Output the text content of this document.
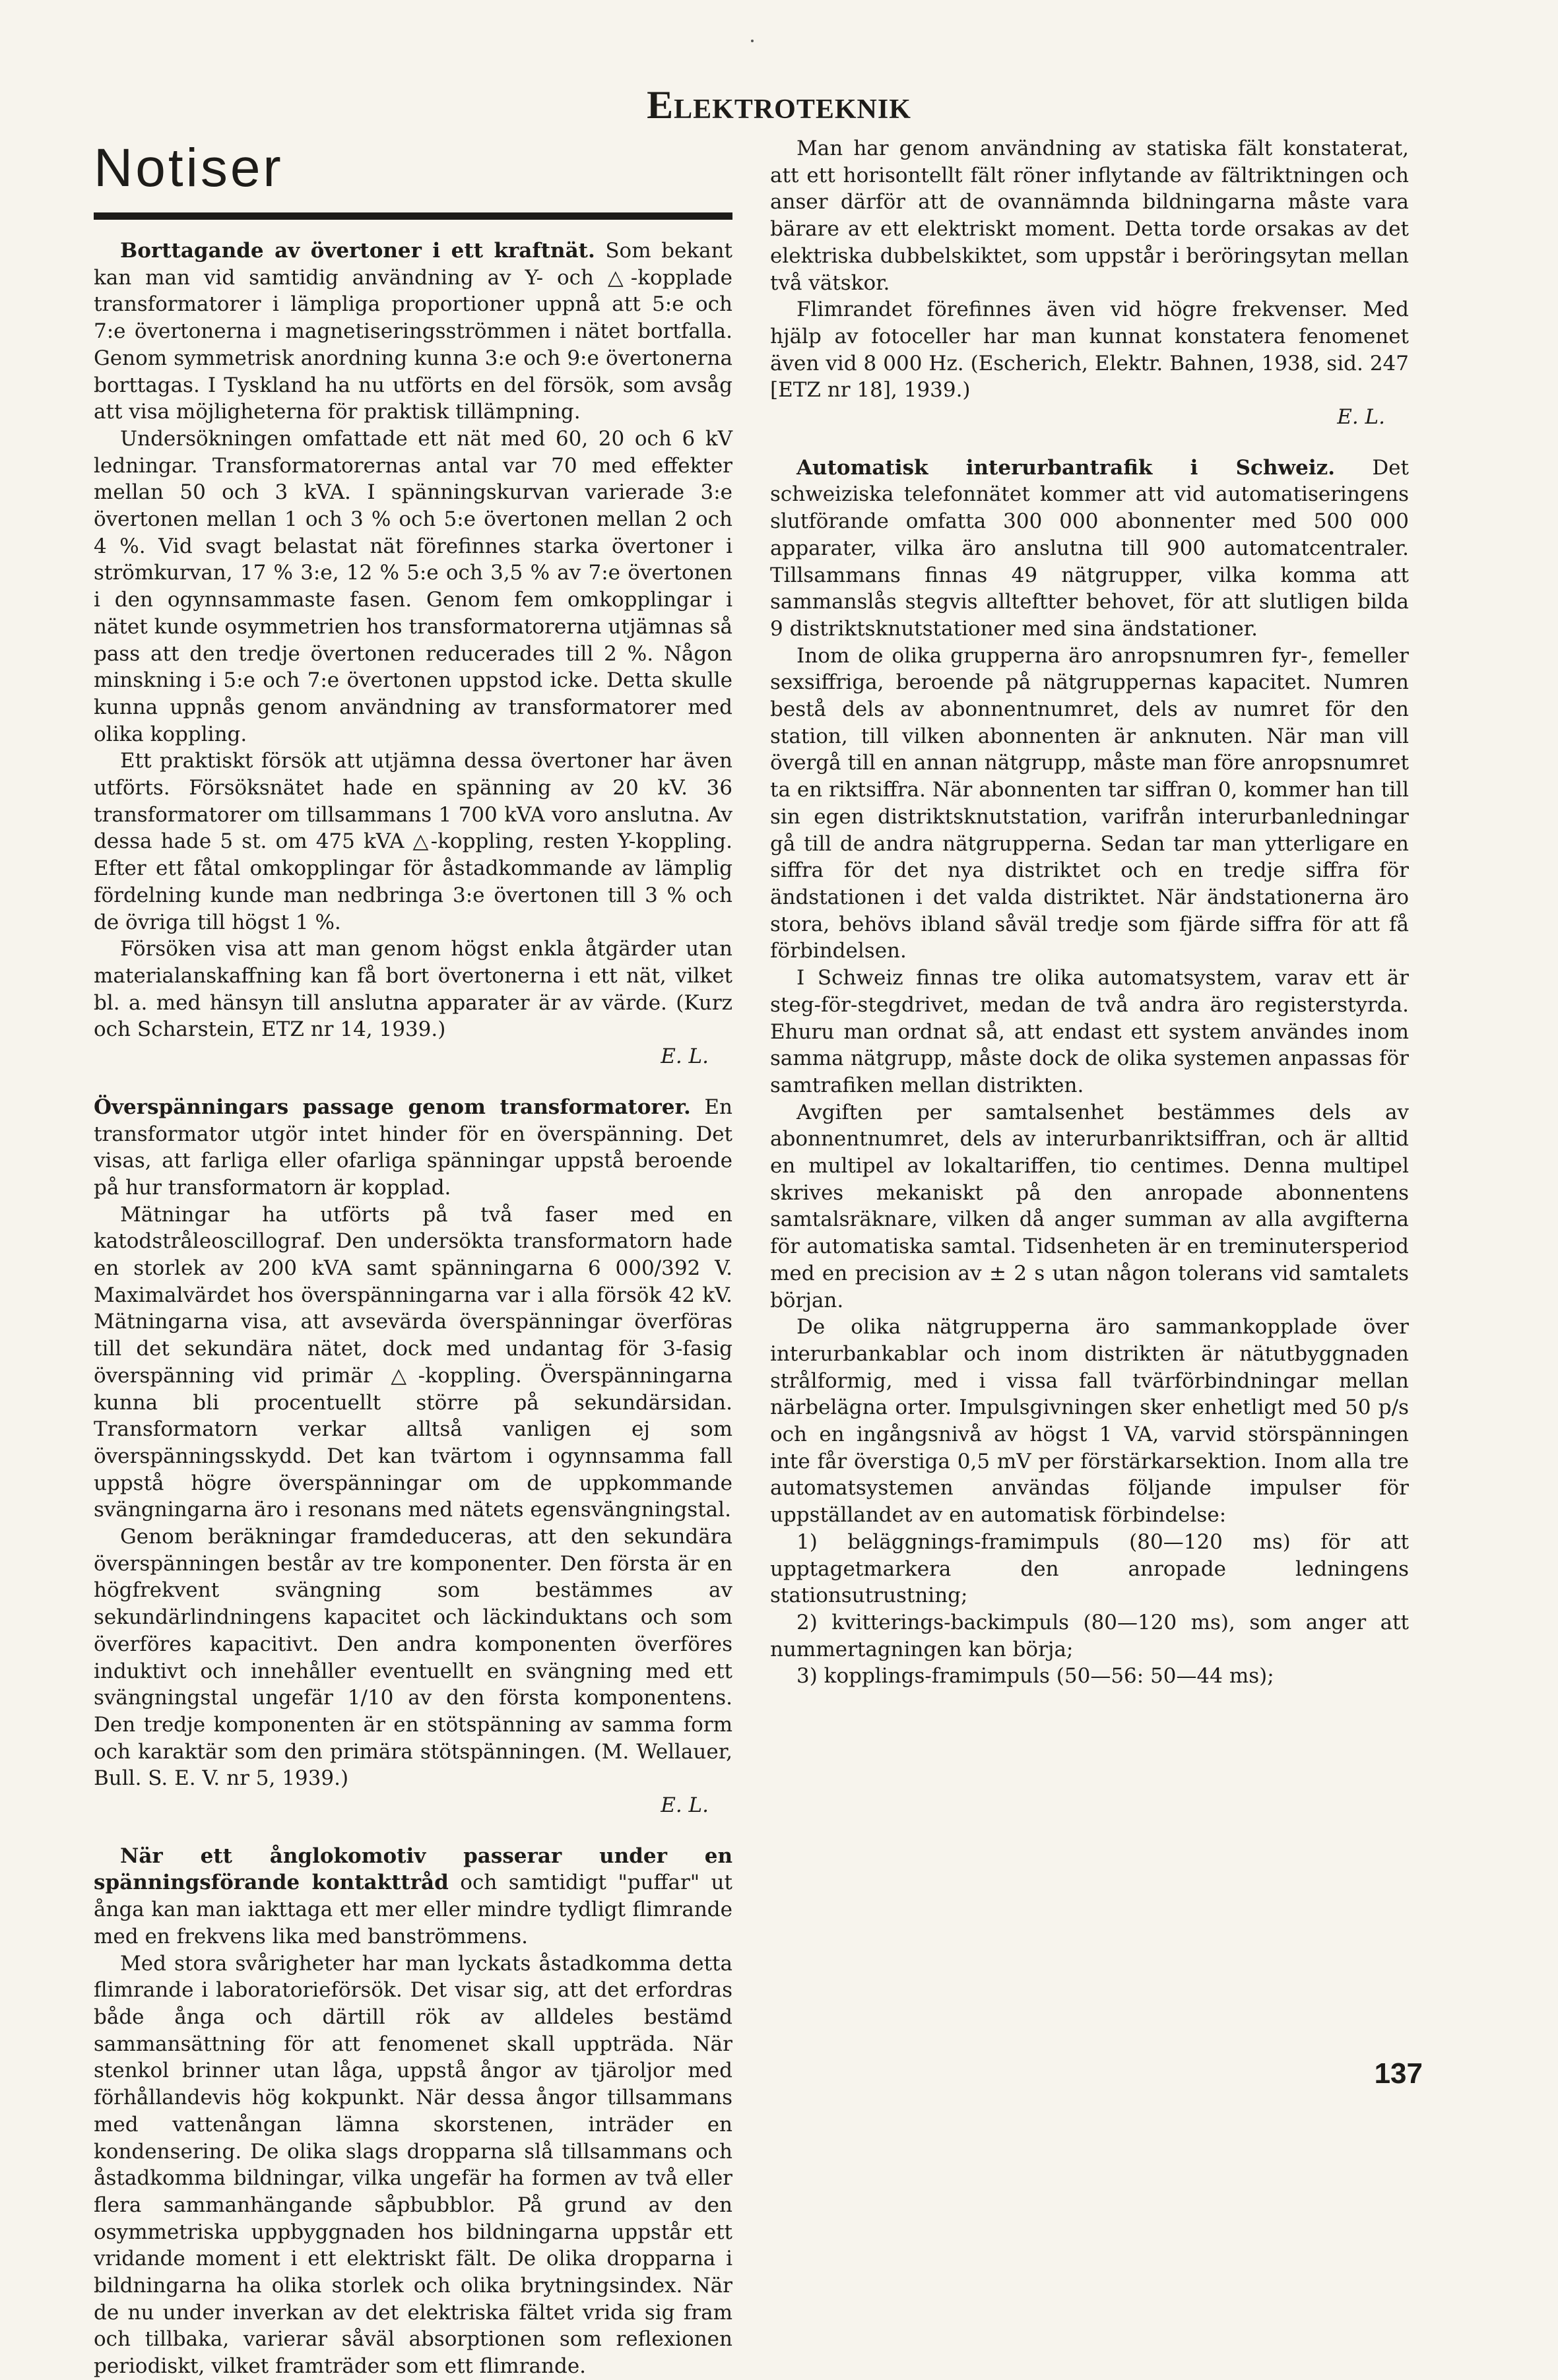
Elektroteknik
Notiser

Borttagande av övertoner i ett kraftnät. Som bekant kan man vid samtidig användning av Y- och △-kopplade transformatorer i lämpliga proportioner uppnå att 5:e och 7:e övertonerna i magnetiseringsströmmen i nätet bortfalla. Genom symmetrisk anordning kunna 3:e och 9:e övertonerna borttagas. I Tyskland ha nu utförts en del försök, som avsåg att visa möjligheterna för praktisk tillämpning.

Undersökningen omfattade ett nät med 60, 20 och 6 kV ledningar. Transformatorernas antal var 70 med effekter mellan 50 och 3 kVA. I spänningskurvan varierade 3:e övertonen mellan 1 och 3 % och 5:e övertonen mellan 2 och 4 %. Vid svagt belastat nät förefinnes starka övertoner i strömkurvan, 17 % 3:e, 12 % 5:e och 3,5 % av 7:e övertonen i den ogynnsammaste fasen. Genom fem omkopplingar i nätet kunde osymmetrien hos transformatorerna utjämnas så pass att den tredje övertonen reducerades till 2 %. Någon minskning i 5:e och 7:e övertonen uppstod icke. Detta skulle kunna uppnås genom användning av transformatorer med olika koppling.

Ett praktiskt försök att utjämna dessa övertoner har även utförts. Försöksnätet hade en spänning av 20 kV. 36 transformatorer om tillsammans 1 700 kVA voro anslutna. Av dessa hade 5 st. om 475 kVA △-koppling, resten Y-koppling. Efter ett fåtal omkopplingar för åstadkommande av lämplig fördelning kunde man nedbringa 3:e övertonen till 3 % och de övriga till högst 1 %.

Försöken visa att man genom högst enkla åtgärder utan materialanskaffning kan få bort övertonerna i ett nät, vilket bl. a. med hänsyn till anslutna apparater är av värde. (Kurz och Scharstein, ETZ nr 14, 1939.)

E. L.

Överspänningars passage genom transformatorer. En transformator utgör intet hinder för en överspänning. Det visas, att farliga eller ofarliga spänningar uppstå beroende på hur transformatorn är kopplad.

Mätningar ha utförts på två faser med en katodstråleoscillograf. Den undersökta transformatorn hade en storlek av 200 kVA samt spänningarna 6 000/392 V. Maximalvärdet hos överspänningarna var i alla försök 42 kV. Mätningarna visa, att avsevärda överspänningar överföras till det sekundära nätet, dock med undantag för 3-fasig överspänning vid primär △-koppling. Överspänningarna kunna bli procentuellt större på sekundärsidan. Transformatorn verkar alltså vanligen ej som överspänningsskydd. Det kan tvärtom i ogynnsamma fall uppstå högre överspänningar om de uppkommande svängningarna äro i resonans med nätets egensvängningstal.

Genom beräkningar framdeduceras, att den sekundära överspänningen består av tre komponenter. Den första är en högfrekvent svängning som bestämmes av sekundärlindningens kapacitet och läckinduktans och som överföres kapacitivt. Den andra komponenten överföres induktivt och innehåller eventuellt en svängning med ett svängningstal ungefär 1/10 av den första komponentens. Den tredje komponenten är en stötspänning av samma form och karaktär som den primära stötspänningen. (M. Wellauer, Bull. S. E. V. nr 5, 1939.)

E. L.

När ett ånglokomotiv passerar under en spänningsförande kontakttråd och samtidigt "puffar" ut ånga kan man iakttaga ett mer eller mindre tydligt flimrande med en frekvens lika med banströmmens.

Med stora svårigheter har man lyckats åstadkomma detta flimrande i laboratorieförsök. Det visar sig, att det erfordras både ånga och därtill rök av alldeles bestämd sammansättning för att fenomenet skall uppträda. När stenkol brinner utan låga, uppstå ångor av tjäroljor med förhållandevis hög kokpunkt. När dessa ångor tillsammans med vattenångan lämna skorstenen, inträder en kondensering. De olika slags dropparna slå tillsammans och åstadkomma bildningar, vilka ungefär ha formen av två eller flera sammanhängande såpbubblor. På grund av den osymmetriska uppbyggnaden hos bildningarna uppstår ett vridande moment i ett elektriskt fält. De olika dropparna i bildningarna ha olika storlek och olika brytningsindex. När de nu under inverkan av det elektriska fältet vrida sig fram och tillbaka, varierar såväl absorptionen som reflexionen periodiskt, vilket framträder som ett flimrande.

Man har genom användning av statiska fält konstaterat, att ett horisontellt fält röner inflytande av fältriktningen och anser därför att de ovannämnda bildningarna måste vara bärare av ett elektriskt moment. Detta torde orsakas av det elektriska dubbelskiktet, som uppstår i beröringsytan mellan två vätskor.

Flimrandet förefinnes även vid högre frekvenser. Med hjälp av fotoceller har man kunnat konstatera fenomenet även vid 8 000 Hz. (Escherich, Elektr. Bahnen, 1938, sid. 247 [ETZ nr 18], 1939.)

E. L.

Automatisk interurbantrafik i Schweiz. Det schweiziska telefonnätet kommer att vid automatiseringens slutförande omfatta 300 000 abonnenter med 500 000 apparater, vilka äro anslutna till 900 automatcentraler. Tillsammans finnas 49 nätgrupper, vilka komma att sammanslås stegvis allteftter behovet, för att slutligen bilda 9 distriktsknutstationer med sina ändstationer.

Inom de olika grupperna äro anropsnumren fyr-, femeller sexsiffriga, beroende på nätgruppernas kapacitet. Numren bestå dels av abonnentnumret, dels av numret för den station, till vilken abonnenten är anknuten. När man vill övergå till en annan nätgrupp, måste man före anropsnumret ta en riktsiffra. När abonnenten tar siffran 0, kommer han till sin egen distriktsknutstation, varifrån interurbanledningar gå till de andra nätgrupperna. Sedan tar man ytterligare en siffra för det nya distriktet och en tredje siffra för ändstationen i det valda distriktet. När ändstationerna äro stora, behövs ibland såväl tredje som fjärde siffra för att få förbindelsen.

I Schweiz finnas tre olika automatsystem, varav ett är steg-för-stegdrivet, medan de två andra äro registerstyrda. Ehuru man ordnat så, att endast ett system användes inom samma nätgrupp, måste dock de olika systemen anpassas för samtrafiken mellan distrikten.

Avgiften per samtalsenhet bestämmes dels av abonnentnumret, dels av interurbanriktsiffran, och är alltid en multipel av lokaltariffen, tio centimes. Denna multipel skrives mekaniskt på den anropade abonnentens samtalsräknare, vilken då anger summan av alla avgifterna för automatiska samtal. Tidsenheten är en treminutersperiod med en precision av ± 2 s utan någon tolerans vid samtalets början.

De olika nätgrupperna äro sammankopplade över interurbankablar och inom distrikten är nätutbyggnaden strålformig, med i vissa fall tvärförbindningar mellan närbelägna orter. Impulsgivningen sker enhetligt med 50 p/s och en ingångsnivå av högst 1 VA, varvid störspänningen inte får överstiga 0,5 mV per förstärkarsektion. Inom alla tre automatsystemen användas följande impulser för uppställandet av en automatisk förbindelse:

1) beläggnings-framimpuls (80—120 ms) för att upptagetmarkera den anropade ledningens stationsutrustning;

2) kvitterings-backimpuls (80—120 ms), som anger att nummertagningen kan börja;

3) kopplings-framimpuls (50—56: 50—44 ms);

137
